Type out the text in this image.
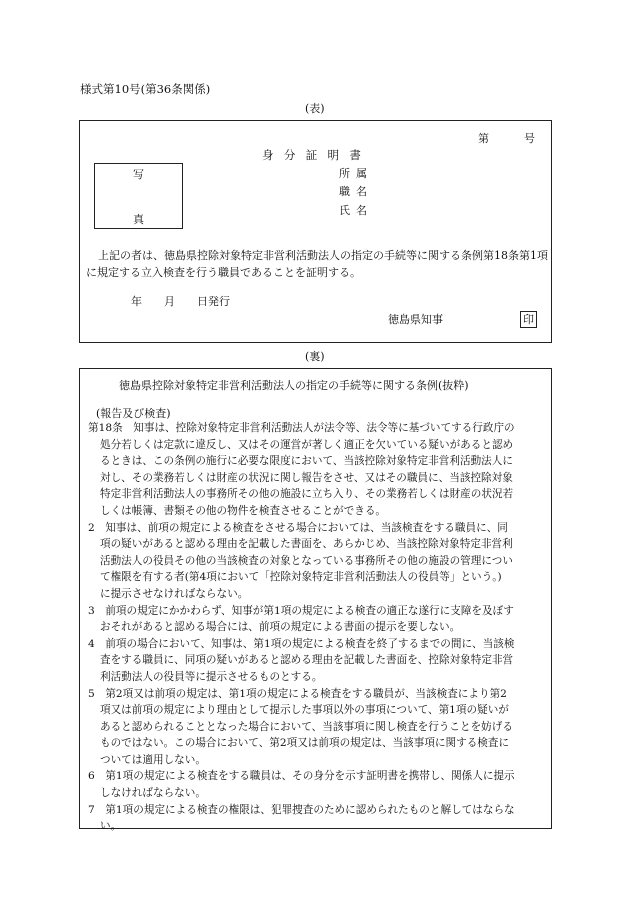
様式第10号(第36条関係)
(表)
第	号
身分証明書
写
真
所属
職名
氏名
上記の者は、徳島県控除対象特定非営利活動法人の指定の手続等に関する条例第18条第1項に規定する立入検査を行う職員であることを証明する。
年　　月　　日発行
徳島県知事	印
(裏)
徳島県控除対象特定非営利活動法人の指定の手続等に関する条例(抜粋)
(報告及び検査)
第18条　知事は、控除対象特定非営利活動法人が法令等、法令等に基づいてする行政庁の
処分若しくは定款に違反し、又はその運営が著しく適正を欠いている疑いがあると認め
るときは、この条例の施行に必要な限度において、当該控除対象特定非営利活動法人に
対し、その業務若しくは財産の状況に関し報告をさせ、又はその職員に、当該控除対象
特定非営利活動法人の事務所その他の施設に立ち入り、その業務若しくは財産の状況若
しくは帳簿、書類その他の物件を検査させることができる。
2　知事は、前項の規定による検査をさせる場合においては、当該検査をする職員に、同
項の疑いがあると認める理由を記載した書面を、あらかじめ、当該控除対象特定非営利
活動法人の役員その他の当該検査の対象となっている事務所その他の施設の管理につい
て権限を有する者(第4項において「控除対象特定非営利活動法人の役員等」という。)
に提示させなければならない。
3　前項の規定にかかわらず、知事が第1項の規定による検査の適正な遂行に支障を及ぼす
おそれがあると認める場合には、前項の規定による書面の提示を要しない。
4　前項の場合において、知事は、第1項の規定による検査を終了するまでの間に、当該検
査をする職員に、同項の疑いがあると認める理由を記載した書面を、控除対象特定非営
利活動法人の役員等に提示させるものとする。
5　第2項又は前項の規定は、第1項の規定による検査をする職員が、当該検査により第2
項又は前項の規定により理由として提示した事項以外の事項について、第1項の疑いが
あると認められることとなった場合において、当該事項に関し検査を行うことを妨げる
ものではない。この場合において、第2項又は前項の規定は、当該事項に関する検査に
ついては適用しない。
6　第1項の規定による検査をする職員は、その身分を示す証明書を携帯し、関係人に提示
しなければならない。
7　第1項の規定による検査の権限は、犯罪捜査のために認められたものと解してはならな
い。
